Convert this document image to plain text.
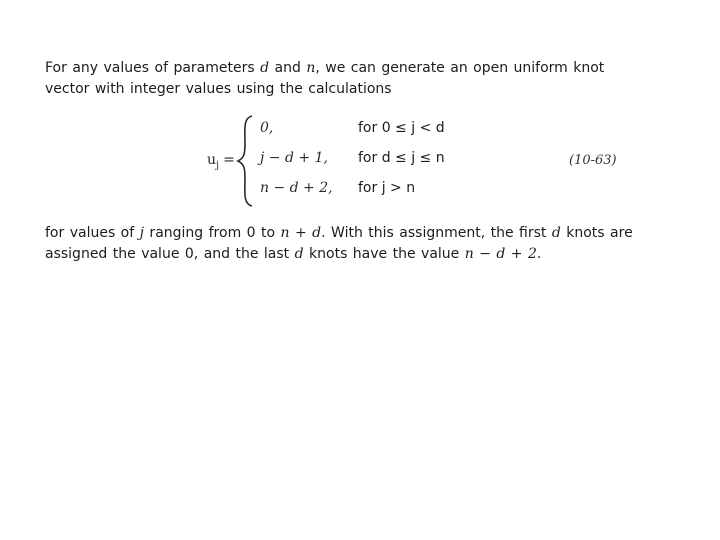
For any values of parameters d and n, we can generate an open uniform knot vector with integer values using the calculations

$u_j$ =
0,	for 0 ≤ j < d
j − d + 1, for d ≤ j ≤ n
n − d + 2, for j > n
(10-63)

for values of j ranging from 0 to n + d. With this assignment, the first d knots are assigned the value 0, and the last d knots have the value n − d + 2.
